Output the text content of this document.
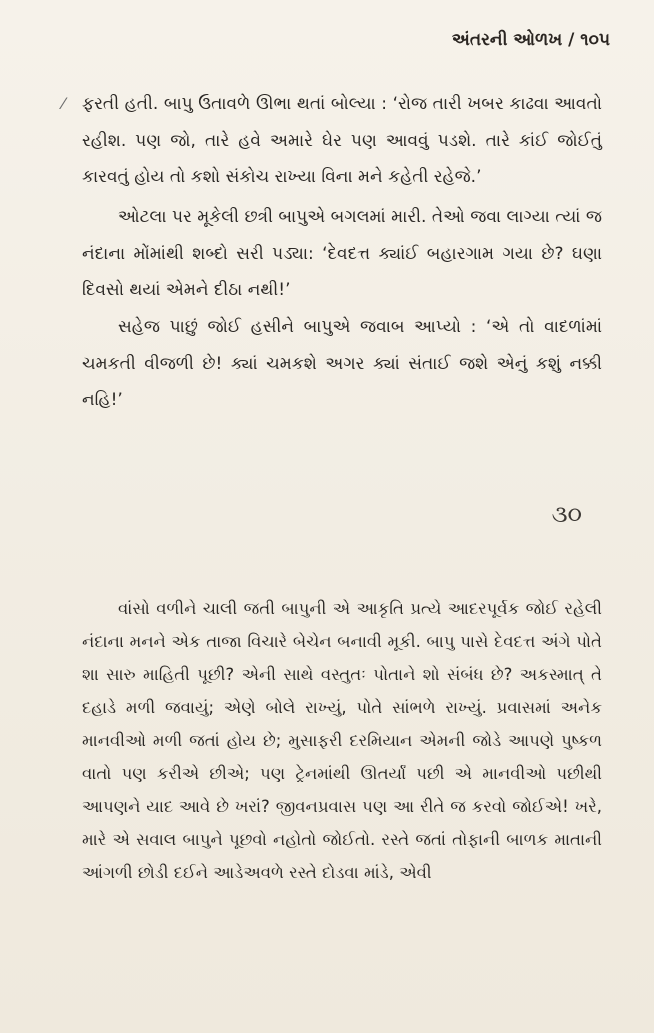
અંતરની ઓળખ / ૧૦૫
⁄ ફરતી હતી. બાપુ ઉતાવળે ઊભા થતાં બોલ્યા : ‘રોજ તારી ખબર કાઢવા આવતો રહીશ. પણ જો, તારે હવે અમારે ઘેર પણ આવવું પડશે. તારે કાંઈ જોઈતું કારવતું હોય તો કશો સંકોચ રાખ્યા વિના મને કહેતી રહેજે.’

ઓટલા પર મૂકેલી છત્રી બાપુએ બગલમાં મારી. તેઓ જવા લાગ્યા ત્યાં જ નંદાના મોંમાંથી શબ્દો સરી પડ્યા: ‘દેવદત્ત ક્યાંઈ બહારગામ ગયા છે? ઘણા દિવસો થયાં એમને દીઠા નથી!’

સહેજ પાછું જોઈ હસીને બાપુએ જવાબ આપ્યો : ‘એ તો વાદળાંમાં ચમકતી વીજળી છે! ક્યાં ચમકશે અગર ક્યાં સંતાઈ જશે એનું કશું નક્કી નહિ!’

૩૦

વાંસો વળીને ચાલી જતી બાપુની એ આકૃતિ પ્રત્યે આદરપૂર્વક જોઈ રહેલી નંદાના મનને એક તાજા વિચારે બેચેન બનાવી મૂકી. બાપુ પાસે દેવદત્ત અંગે પોતે શા સારુ માહિતી પૂછી? એની સાથે વસ્તુતઃ પોતાને શો સંબંધ છે? અકસ્માત્ તે દહાડે મળી જવાયું; એણે બોલે રાખ્યું, પોતે સાંભળે રાખ્યું. પ્રવાસમાં અનેક માનવીઓ મળી જતાં હોય છે; મુસાફરી દરમિયાન એમની જોડે આપણે પુષ્કળ વાતો પણ કરીએ છીએ; પણ ટ્રેનમાંથી ઊતર્યાં પછી એ માનવીઓ પછીથી આપણને યાદ આવે છે ખરાં? જીવનપ્રવાસ પણ આ રીતે જ કરવો જોઈએ! ખરે, મારે એ સવાલ બાપુને પૂછવો નહોતો જોઈતો. રસ્તે જતાં તોફાની બાળક માતાની આંગળી છોડી દઈને આડેઅવળે રસ્તે દોડવા માંડે, એવી
